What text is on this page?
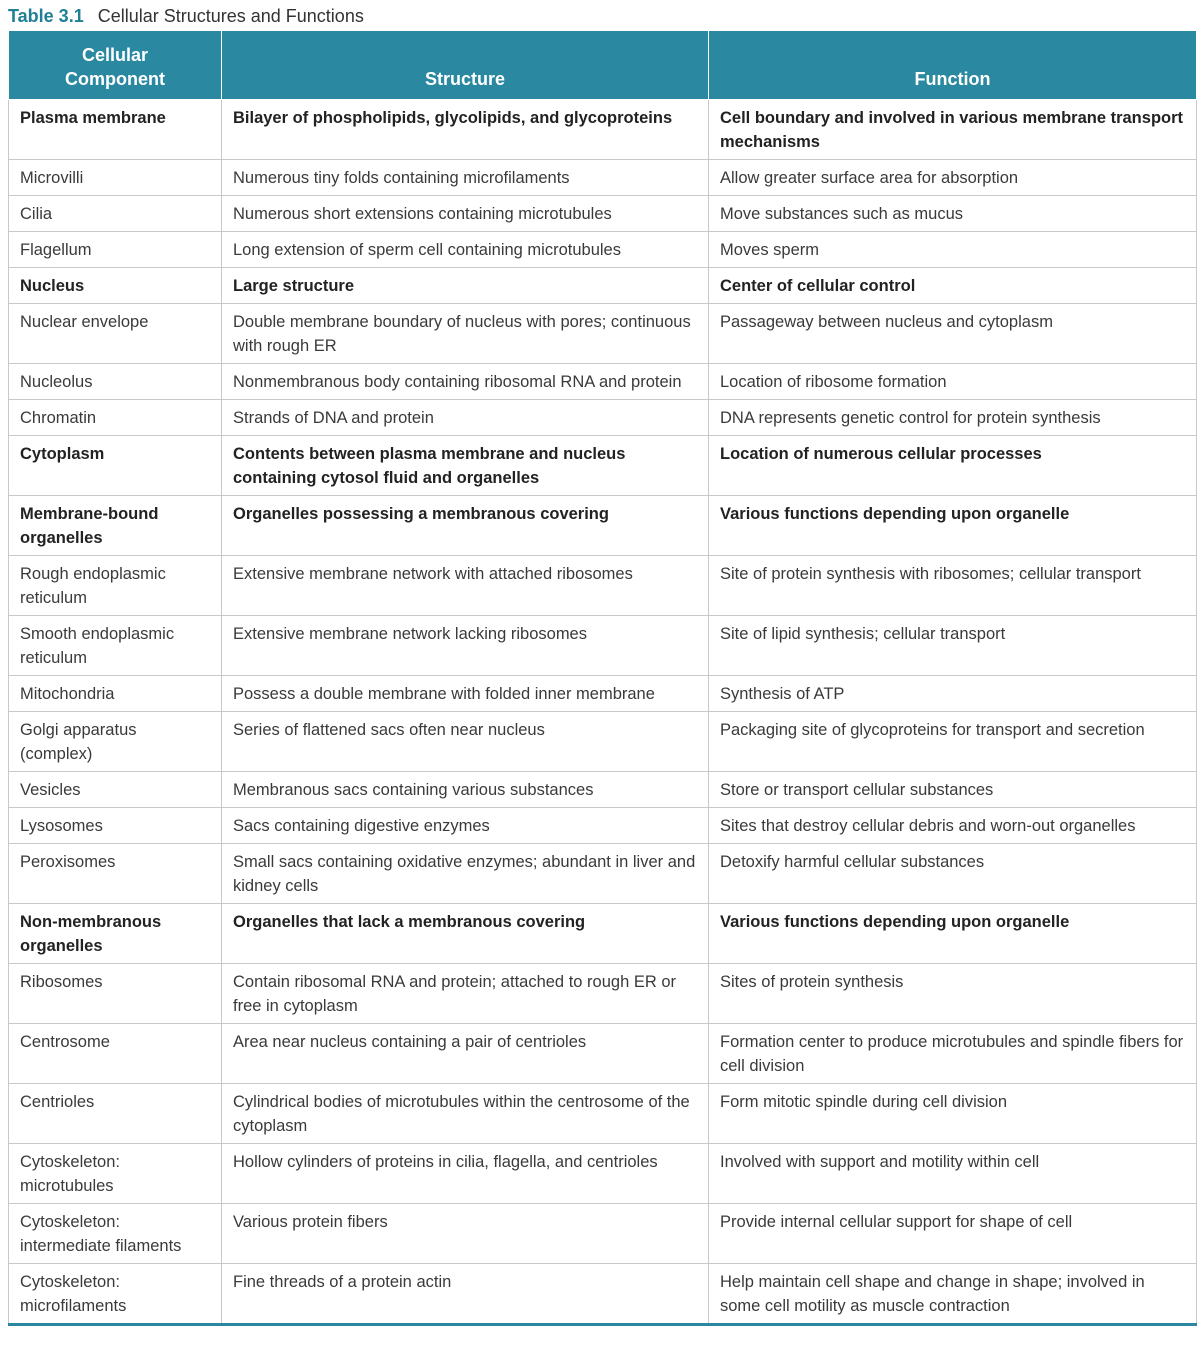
Table 3.1 Cellular Structures and Functions
Cellular Component	Structure	Function
Plasma membrane	Bilayer of phospholipids, glycolipids, and glycoproteins	Cell boundary and involved in various membrane transport mechanisms
Microvilli	Numerous tiny folds containing microfilaments	Allow greater surface area for absorption
Cilia	Numerous short extensions containing microtubules	Move substances such as mucus
Flagellum	Long extension of sperm cell containing microtubules	Moves sperm
Nucleus	Large structure	Center of cellular control
Nuclear envelope	Double membrane boundary of nucleus with pores; continuous with rough ER	Passageway between nucleus and cytoplasm
Nucleolus	Nonmembranous body containing ribosomal RNA and protein	Location of ribosome formation
Chromatin	Strands of DNA and protein	DNA represents genetic control for protein synthesis
Cytoplasm	Contents between plasma membrane and nucleus containing cytosol fluid and organelles	Location of numerous cellular processes
Membrane-bound organelles	Organelles possessing a membranous covering	Various functions depending upon organelle
Rough endoplasmic reticulum	Extensive membrane network with attached ribosomes	Site of protein synthesis with ribosomes; cellular transport
Smooth endoplasmic reticulum	Extensive membrane network lacking ribosomes	Site of lipid synthesis; cellular transport
Mitochondria	Possess a double membrane with folded inner membrane	Synthesis of ATP
Golgi apparatus (complex)	Series of flattened sacs often near nucleus	Packaging site of glycoproteins for transport and secretion
Vesicles	Membranous sacs containing various substances	Store or transport cellular substances
Lysosomes	Sacs containing digestive enzymes	Sites that destroy cellular debris and worn-out organelles
Peroxisomes	Small sacs containing oxidative enzymes; abundant in liver and kidney cells	Detoxify harmful cellular substances
Non-membranous organelles	Organelles that lack a membranous covering	Various functions depending upon organelle
Ribosomes	Contain ribosomal RNA and protein; attached to rough ER or free in cytoplasm	Sites of protein synthesis
Centrosome	Area near nucleus containing a pair of centrioles	Formation center to produce microtubules and spindle fibers for cell division
Centrioles	Cylindrical bodies of microtubules within the centrosome of the cytoplasm	Form mitotic spindle during cell division
Cytoskeleton: microtubules	Hollow cylinders of proteins in cilia, flagella, and centrioles	Involved with support and motility within cell
Cytoskeleton: intermediate filaments	Various protein fibers	Provide internal cellular support for shape of cell
Cytoskeleton: microfilaments	Fine threads of a protein actin	Help maintain cell shape and change in shape; involved in some cell motility as muscle contraction
